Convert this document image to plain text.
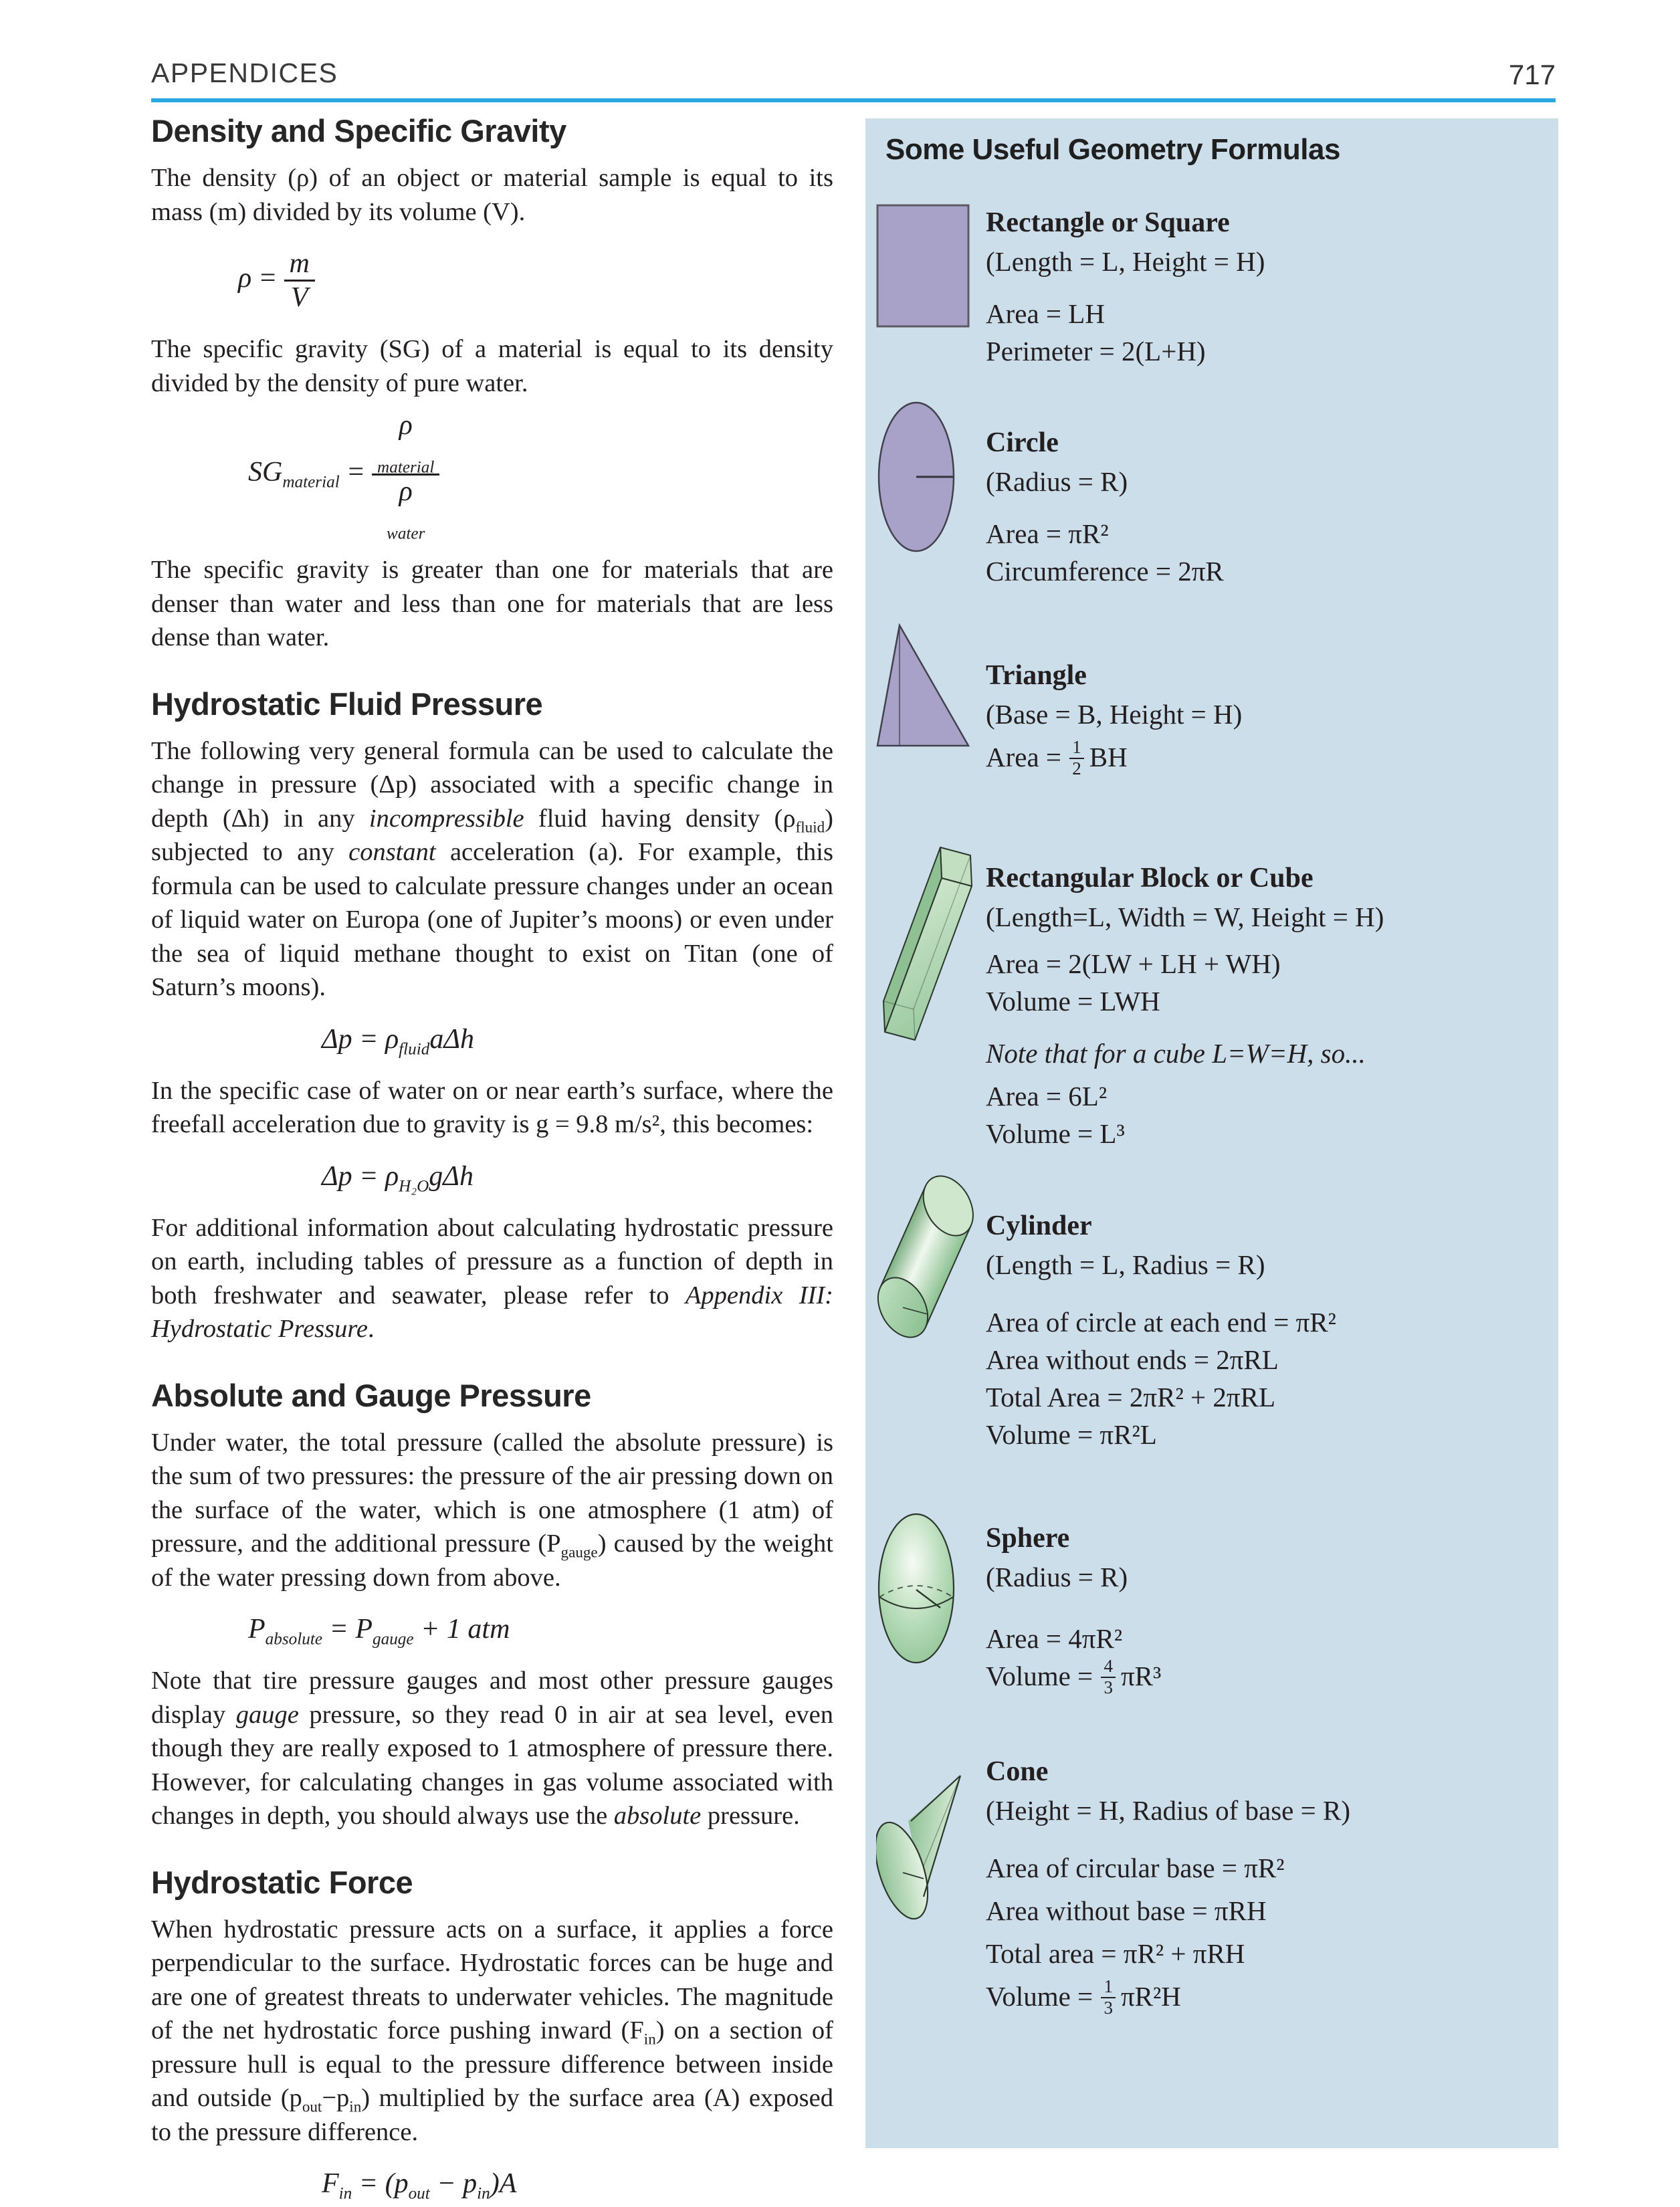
APPENDICES	717
Density and Specific Gravity

The density (ρ) of an object or material sample is equal to its mass (m) divided by its volume (V).

$\rho = \frac{m}{V}$

The specific gravity (SG) of a material is equal to its density divided by the density of pure water.

$SG_{material} = \rho$
$_{material}$
ρ
$_{water}$

The specific gravity is greater than one for materials that are denser than water and less than one for materials that are less dense than water.

Hydrostatic Fluid Pressure

The following very general formula can be used to calculate the change in pressure (Δp) associated with a specific change in depth (Δh) in any incompressible fluid having density $(\rho_{fluid})$ subjected to any constant acceleration (a). For example, this formula can be used to calculate pressure changes under an ocean of liquid water on Europa (one of Jupiter’s moons) or even under the sea of liquid methane thought to exist on Titan (one of Saturn’s moons).

$\Delta p = \rho_{fluid}a\Delta h$

In the specific case of water on or near earth’s surface, where the freefall acceleration due to gravity is g = 9.8 m/s², this becomes:

$\Delta p = \rho_{H_2O}g\Delta h$

For additional information about calculating hydrostatic pressure on earth, including tables of pressure as a function of depth in both freshwater and seawater, please refer to Appendix III: Hydrostatic Pressure.

Absolute and Gauge Pressure

Under water, the total pressure (called the absolute pressure) is the sum of two pressures: the pressure of the air pressing down on the surface of the water, which is one atmosphere (1 atm) of pressure, and the additional pressure $(P_{gauge})$ caused by the weight of the water pressing down from above.

$P_{absolute} = P_{gauge} + 1$ atm

Note that tire pressure gauges and most other pressure gauges display gauge pressure, so they read 0 in air at sea level, even though they are really exposed to 1 atmosphere of pressure there. However, for calculating changes in gas volume associated with changes in depth, you should always use the absolute pressure.

Hydrostatic Force

When hydrostatic pressure acts on a surface, it applies a force perpendicular to the surface. Hydrostatic forces can be huge and are one of greatest threats to underwater vehicles. The magnitude of the net hydrostatic force pushing inward $(F_{in})$ on a section of pressure hull is equal to the pressure difference between inside and outside $(p_{out}-p_{in})$ multiplied by the surface area (A) exposed to the pressure difference.

$F_{in} = (p_{out} - p_{in})A$
Some Useful Geometry Formulas
Rectangle or Square
(Length = L, Height = H)
Area = LH
Perimeter = 2(L+H)
Circle
(Radius = R)
Area = πR²
Circumference = 2πR
Triangle
(Base = B, Height = H)
Area = $\frac{1}{2}$ BH
Rectangular Block or Cube
(Length=L, Width = W, Height = H)
Area = 2(LW + LH + WH)
Volume = LWH
Note that for a cube L=W=H, so...
Area = 6L²
Volume = L³
Cylinder
(Length = L, Radius = R)
Area of circle at each end = πR²
Area without ends = 2πRL
Total Area = 2πR² + 2πRL
Volume = πR²L
Sphere
(Radius = R)
Area = 4πR²
Volume = $\frac{4}{3} \pi R^3$
Cone
(Height = H, Radius of base = R)
Area of circular base = πR²
Area without base = πRH
Total area = πR² + πRH
Volume = $\frac{1}{3} \pi R^2H$
